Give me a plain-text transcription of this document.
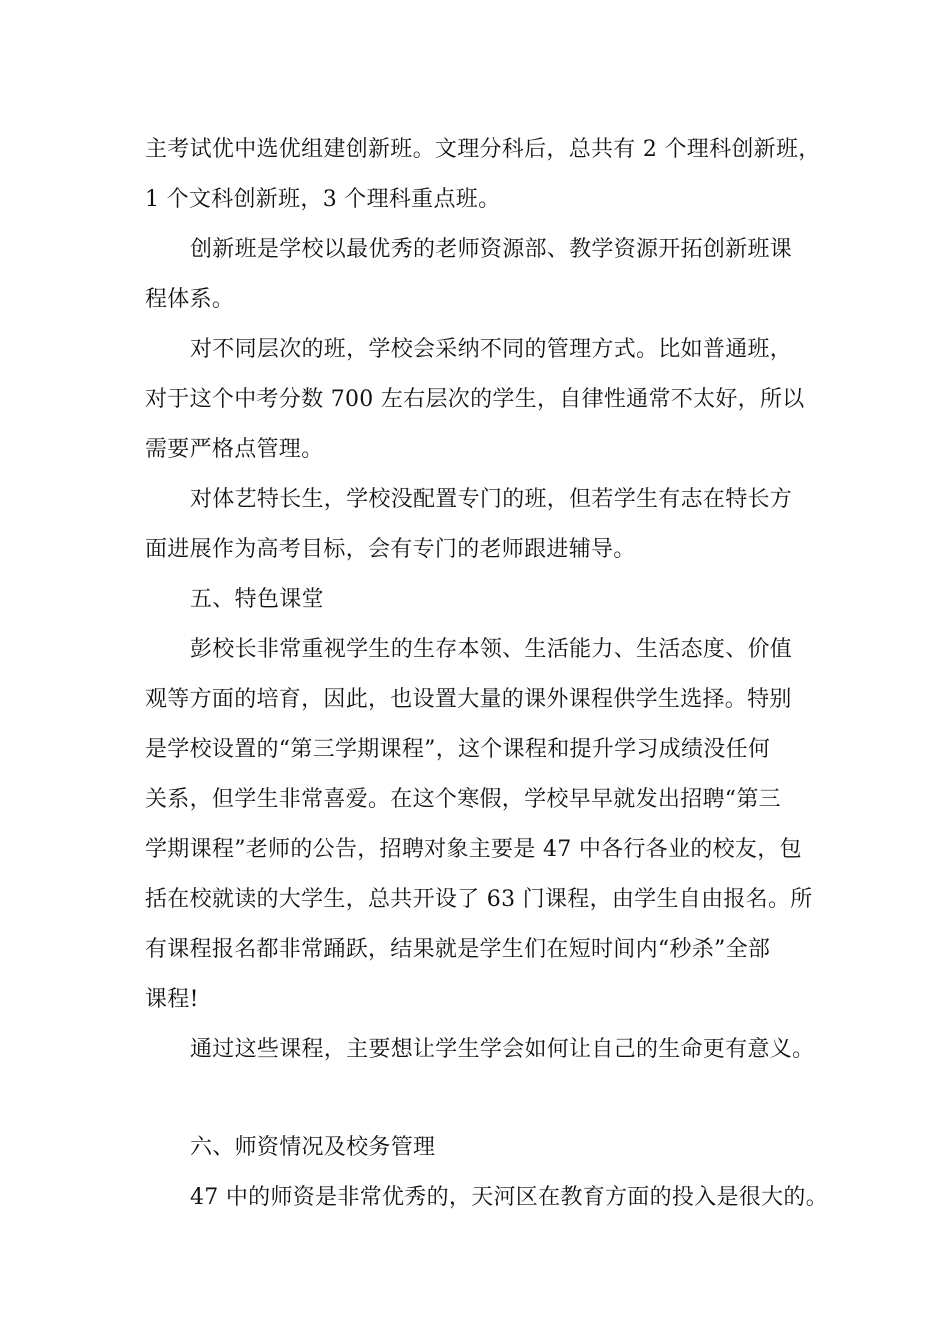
主考试优中选优组建创新班。文理分科后，总共有 2 个理科创新班，
1 个文科创新班，3 个理科重点班。
创新班是学校以最优秀的老师资源部、教学资源开拓创新班课
程体系。
对不同层次的班，学校会采纳不同的管理方式。比如普通班，
对于这个中考分数 700 左右层次的学生，自律性通常不太好，所以
需要严格点管理。
对体艺特长生，学校没配置专门的班，但若学生有志在特长方
面进展作为高考目标，会有专门的老师跟进辅导。
五、特色课堂
彭校长非常重视学生的生存本领、生活能力、生活态度、价值
观等方面的培育，因此，也设置大量的课外课程供学生选择。特别
是学校设置的“第三学期课程”，这个课程和提升学习成绩没任何
关系，但学生非常喜爱。在这个寒假，学校早早就发出招聘“第三
学期课程”老师的公告，招聘对象主要是 47 中各行各业的校友，包
括在校就读的大学生，总共开设了 63 门课程，由学生自由报名。所
有课程报名都非常踊跃，结果就是学生们在短时间内“秒杀”全部
课程!
通过这些课程，主要想让学生学会如何让自己的生命更有意义。
六、师资情况及校务管理
47 中的师资是非常优秀的，天河区在教育方面的投入是很大的。
